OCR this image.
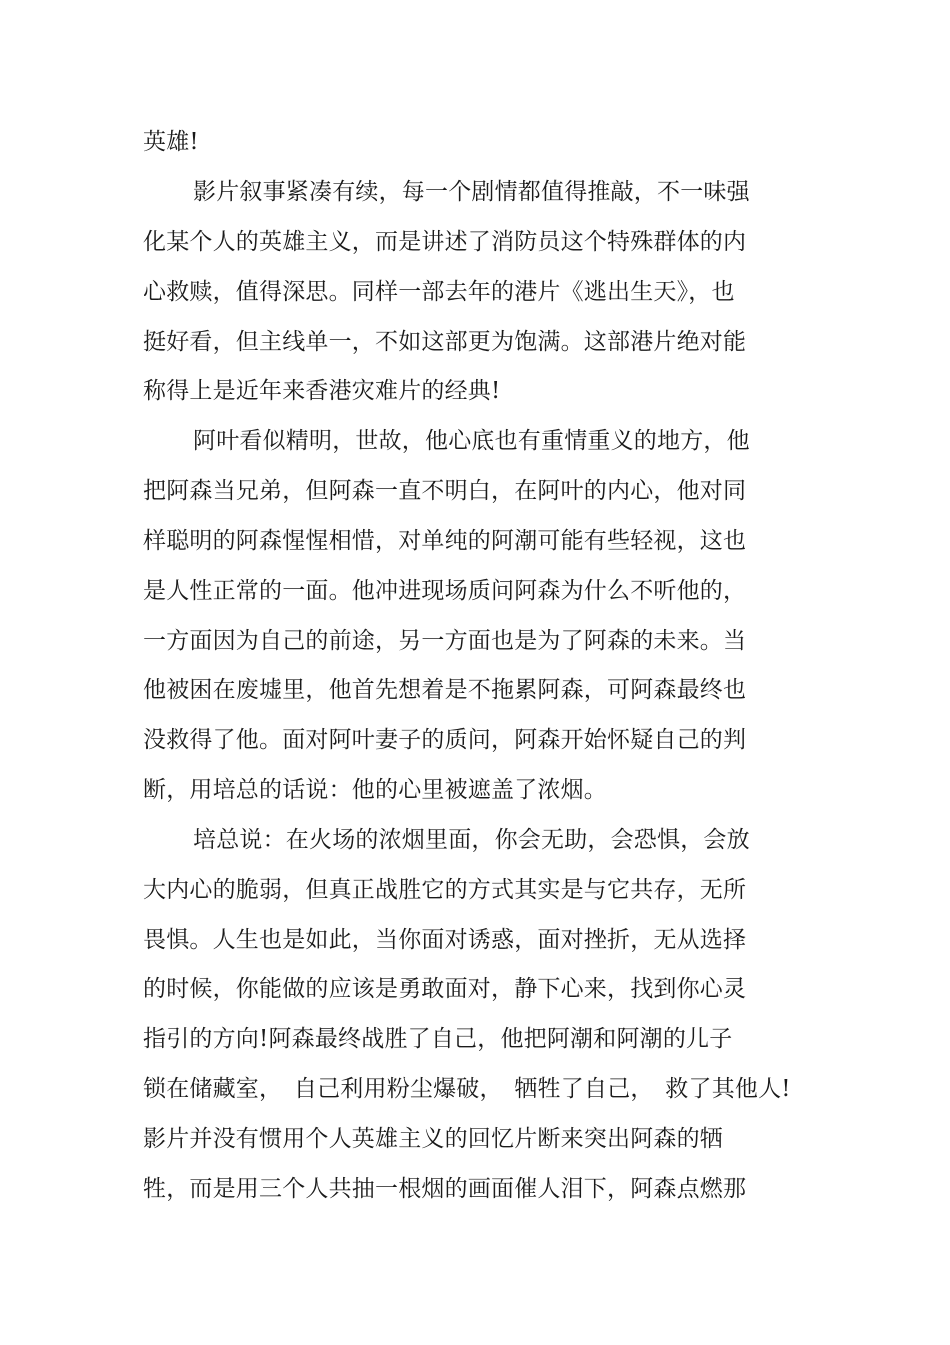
英雄!
影片叙事紧凑有续，每一个剧情都值得推敲，不一味强
化某个人的英雄主义，而是讲述了消防员这个特殊群体的内
心救赎，值得深思。同样一部去年的港片《逃出生天》，也
挺好看，但主线单一，不如这部更为饱满。这部港片绝对能
称得上是近年来香港灾难片的经典!
阿叶看似精明，世故，他心底也有重情重义的地方，他
把阿森当兄弟，但阿森一直不明白，在阿叶的内心，他对同
样聪明的阿森惺惺相惜，对单纯的阿潮可能有些轻视，这也
是人性正常的一面。他冲进现场质问阿森为什么不听他的，
一方面因为自己的前途，另一方面也是为了阿森的未来。当
他被困在废墟里，他首先想着是不拖累阿森，可阿森最终也
没救得了他。面对阿叶妻子的质问，阿森开始怀疑自己的判
断，用培总的话说：他的心里被遮盖了浓烟。
培总说：在火场的浓烟里面，你会无助，会恐惧，会放
大内心的脆弱，但真正战胜它的方式其实是与它共存，无所
畏惧。人生也是如此，当你面对诱惑，面对挫折，无从选择
的时候，你能做的应该是勇敢面对，静下心来，找到你心灵
指引的方向!阿森最终战胜了自己，他把阿潮和阿潮的儿子
锁在储藏室，　自己利用粉尘爆破，　牺牲了自己，　救了其他人!
影片并没有惯用个人英雄主义的回忆片断来突出阿森的牺
牲，而是用三个人共抽一根烟的画面催人泪下，阿森点燃那
